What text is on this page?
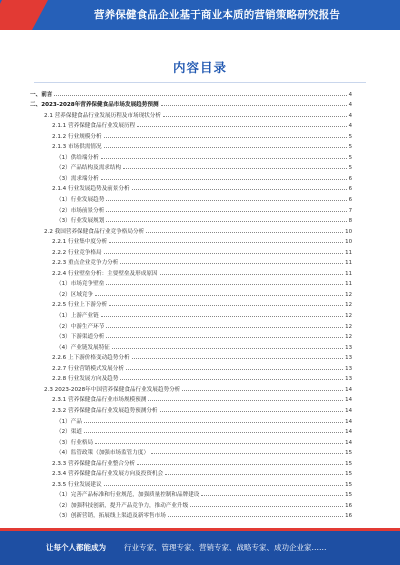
营养保健食品企业基于商业本质的营销策略研究报告
内容目录
一、前言	4
二、2023-2028年营养保健食品市场发展趋势预测	4
2.1 营养保健食品行业发展历程及市场现状分析	4
2.1.1 营养保健食品行业发展历程	4
2.1.2 行业规模分析	5
2.1.3 市场供需情况	5
（1）供给端分析	5
（2）产品结构及需求结构	5
（3）需求端分析	6
2.1.4 行业发展趋势及前景分析	6
（1）行业发展趋势	6
（2）市场前景分析	7
（3）行业发展规划	8
2.2 我国营养保健食品行业竞争格局分析	10
2.2.1 行业集中度分析	10
2.2.2 行业竞争格局	11
2.2.3 重点企业竞争力分析	11
2.2.4 行业壁垒分析：主要壁垒及形成原因	11
（1）市场竞争壁垒	11
（2）区域竞争	12
2.2.5 行业上下游分析	12
（1）上游产业链	12
（2）中游生产环节	12
（3）下游渠道分析	12
（4）产业链发展特征	13
2.2.6 上下游价格变动趋势分析	13
2.2.7 行业营销模式发展分析	13
2.2.8 行业发展方向及趋势	13
2.3 2023-2028年中国营养保健食品行业发展趋势分析	14
2.3.1 营养保健食品行业市场规模预测	14
2.3.2 营养保健食品行业发展趋势预测分析	14
（1）产品	14
（2）渠道	14
（3）行业格局	14
（4）监管政策（加强市场监管力度）	15
2.3.3 营养保健食品行业整合分析	15
2.3.4 营养保健食品行业发展方向及投资机会	15
2.3.5 行业发展建议	15
（1）完善产品标准和行业规范，加强质量控制和品牌建设	15
（2）加强科技创新，提升产品竞争力，推动产业升级	16
（3）创新营销，拓展线上渠道及新零售市场	16
让每个人都能成为 行业专家、管理专家、营销专家、战略专家、成功企业家……
